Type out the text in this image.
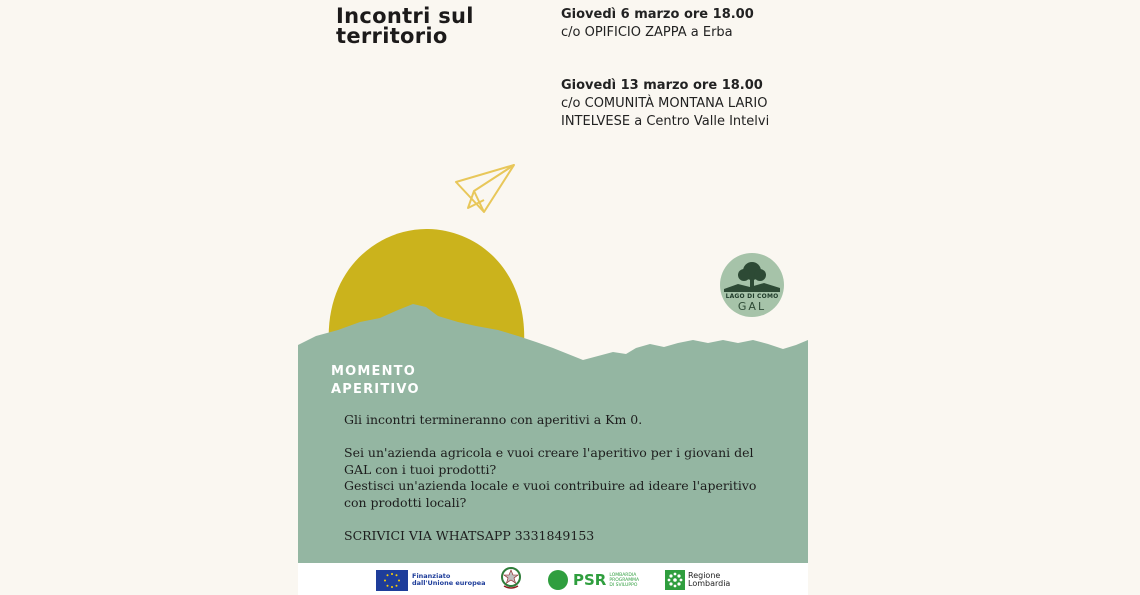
Incontri sul
territorio
Giovedì 6 marzo ore 18.00
c/o OPIFICIO ZAPPA a Erba
Giovedì 13 marzo ore 18.00
c/o COMUNITÀ MONTANA LARIO
INTELVESE a Centro Valle Intelvi
LAGO DI COMO
GAL
MOMENTO
APERITIVO

Gli incontri termineranno con aperitivi a Km 0.

Sei un'azienda agricola e vuoi creare l'aperitivo per i giovani del GAL con i tuoi prodotti?

Gestisci un'azienda locale e vuoi contribuire ad ideare l'aperitivo con prodotti locali?

SCRIVICI VIA WHATSAPP 3331849153

Finanziato
dall'Unione europea	PSR LOMBARDIA
PROGRAMMA
DI SVILUPPO
Regione
Lombardia
